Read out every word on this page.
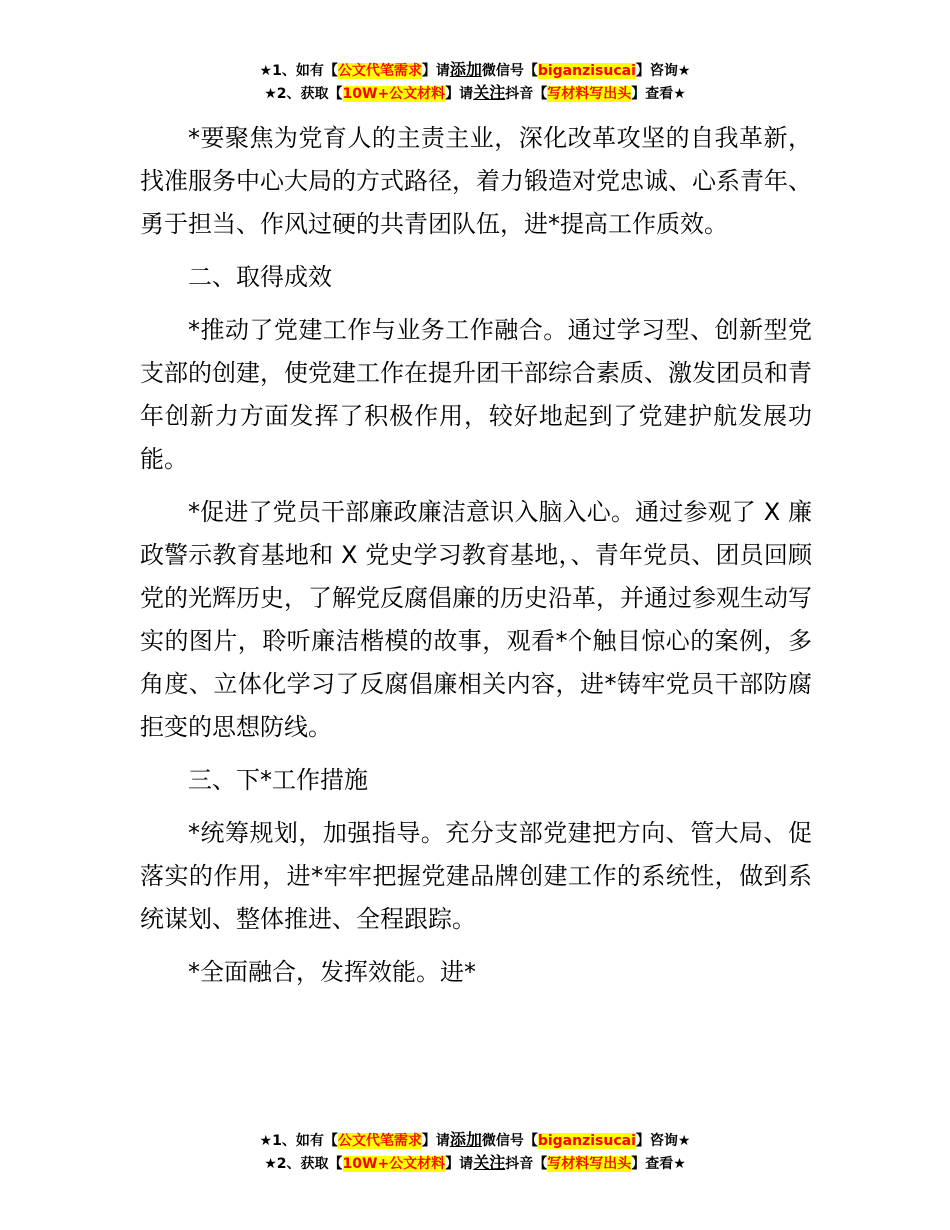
★1、如有【公文代笔需求】请添加微信号【biganzisucai】咨询★
★2、获取【10W+公文材料】请关注抖音【写材料写出头】查看★

*要聚焦为党育人的主责主业，深化改革攻坚的自我革新，找准服务中心大局的方式路径，着力锻造对党忠诚、心系青年、勇于担当、作风过硬的共青团队伍，进*提高工作质效。

二、取得成效

*推动了党建工作与业务工作融合。通过学习型、创新型党支部的创建，使党建工作在提升团干部综合素质、激发团员和青年创新力方面发挥了积极作用，较好地起到了党建护航发展功能。

*促进了党员干部廉政廉洁意识入脑入心。通过参观了 X 廉政警示教育基地和 X 党史学习教育基地，、青年党员、团员回顾党的光辉历史，了解党反腐倡廉的历史沿革，并通过参观生动写实的图片，聆听廉洁楷模的故事，观看*个触目惊心的案例，多角度、立体化学习了反腐倡廉相关内容，进*铸牢党员干部防腐拒变的思想防线。

三、下*工作措施

*统筹规划，加强指导。充分支部党建把方向、管大局、促落实的作用，进*牢牢把握党建品牌创建工作的系统性，做到系统谋划、整体推进、全程跟踪。

*全面融合，发挥效能。进*

★1、如有【公文代笔需求】请添加微信号【biganzisucai】咨询★
★2、获取【10W+公文材料】请关注抖音【写材料写出头】查看★
